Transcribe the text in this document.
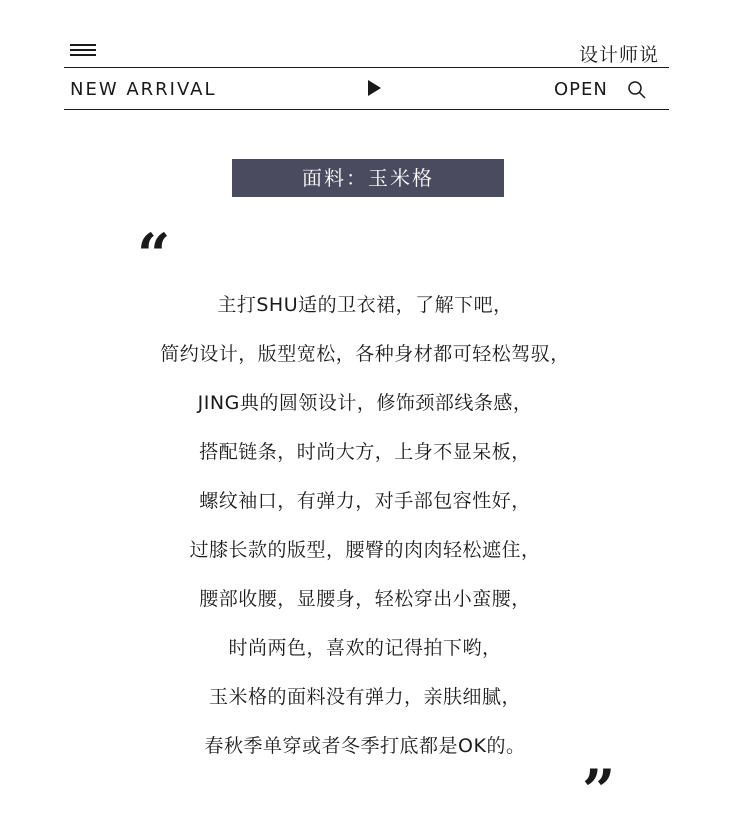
设计师说
NEW ARRIVAL	OPEN
面料：玉米格
“
主打SHU适的卫衣裙，了解下吧，
简约设计，版型宽松，各种身材都可轻松驾驭，
JING典的圆领设计，修饰颈部线条感，
搭配链条，时尚大方，上身不显呆板，
螺纹袖口，有弹力，对手部包容性好，
过膝长款的版型，腰臀的肉肉轻松遮住，
腰部收腰，显腰身，轻松穿出小蛮腰，
时尚两色，喜欢的记得拍下哟，
玉米格的面料没有弹力，亲肤细腻，
春秋季单穿或者冬季打底都是OK的。
”
